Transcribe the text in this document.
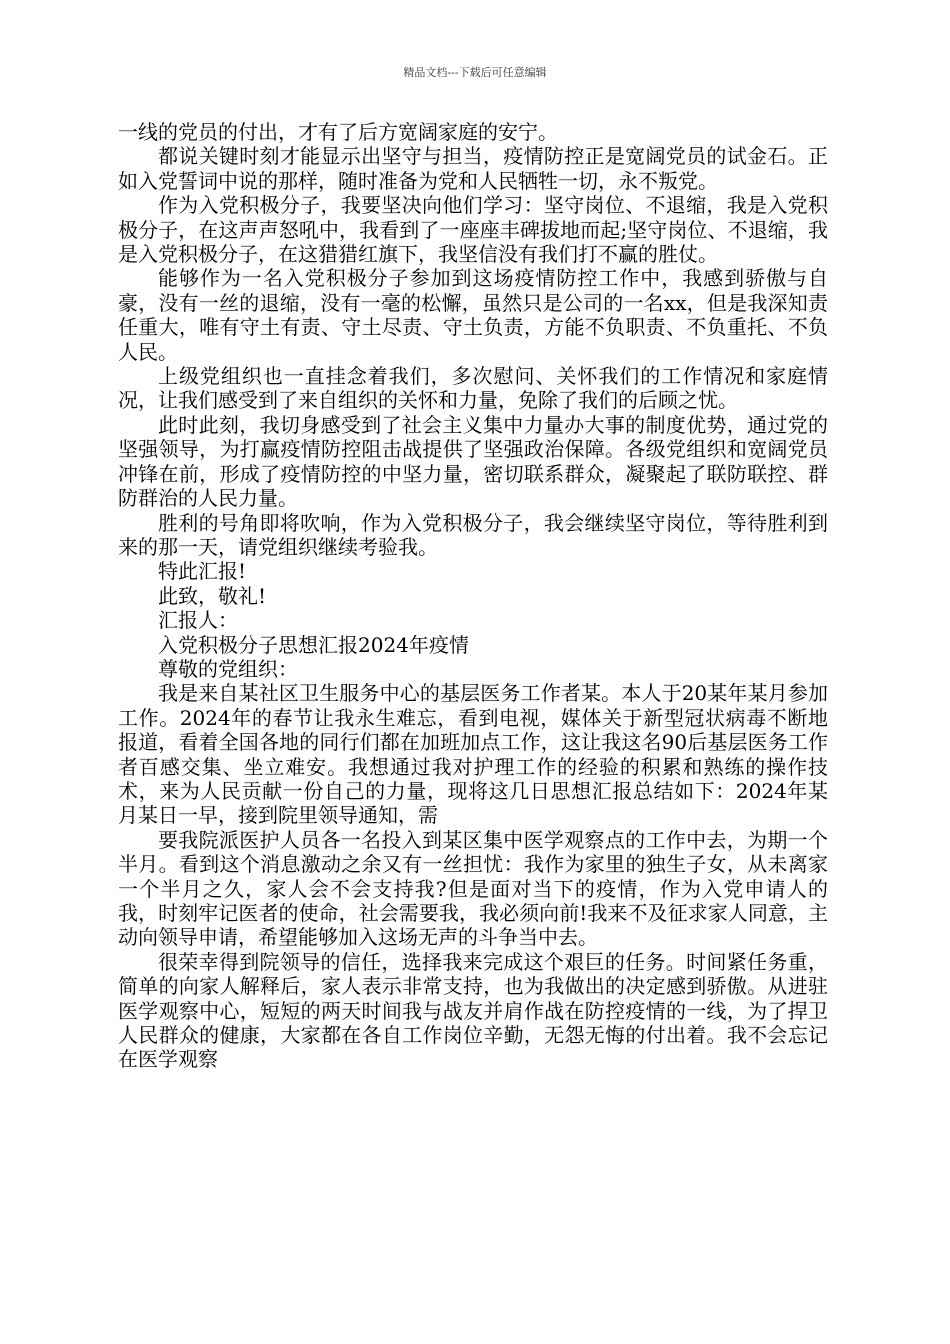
精品文档---下载后可任意编辑

一线的党员的付出，才有了后方宽阔家庭的安宁。

都说关键时刻才能显示出坚守与担当，疫情防控正是宽阔党员的试金石。正如入党誓词中说的那样，随时准备为党和人民牺牲一切，永不叛党。

作为入党积极分子，我要坚决向他们学习：坚守岗位、不退缩，我是入党积极分子，在这声声怒吼中，我看到了一座座丰碑拔地而起;坚守岗位、不退缩，我是入党积极分子，在这猎猎红旗下，我坚信没有我们打不赢的胜仗。

能够作为一名入党积极分子参加到这场疫情防控工作中，我感到骄傲与自豪，没有一丝的退缩，没有一毫的松懈，虽然只是公司的一名xx，但是我深知责任重大，唯有守土有责、守土尽责、守土负责，方能不负职责、不负重托、不负人民。

上级党组织也一直挂念着我们，多次慰问、关怀我们的工作情况和家庭情况，让我们感受到了来自组织的关怀和力量，免除了我们的后顾之忧。

此时此刻，我切身感受到了社会主义集中力量办大事的制度优势，通过党的坚强领导，为打赢疫情防控阻击战提供了坚强政治保障。各级党组织和宽阔党员冲锋在前，形成了疫情防控的中坚力量，密切联系群众，凝聚起了联防联控、群防群治的人民力量。

胜利的号角即将吹响，作为入党积极分子，我会继续坚守岗位，等待胜利到来的那一天，请党组织继续考验我。

特此汇报!

此致，敬礼!

汇报人：

入党积极分子思想汇报2024年疫情

尊敬的党组织：

我是来自某社区卫生服务中心的基层医务工作者某。本人于20某年某月参加工作。2024年的春节让我永生难忘，看到电视，媒体关于新型冠状病毒不断地报道，看着全国各地的同行们都在加班加点工作，这让我这名90后基层医务工作者百感交集、坐立难安。我想通过我对护理工作的经验的积累和熟练的操作技术，来为人民贡献一份自己的力量，现将这几日思想汇报总结如下：2024年某月某日一早，接到院里领导通知，需

要我院派医护人员各一名投入到某区集中医学观察点的工作中去，为期一个半月。看到这个消息激动之余又有一丝担忧：我作为家里的独生子女，从未离家一个半月之久，家人会不会支持我?但是面对当下的疫情，作为入党申请人的我，时刻牢记医者的使命，社会需要我，我必须向前!我来不及征求家人同意，主动向领导申请，希望能够加入这场无声的斗争当中去。

很荣幸得到院领导的信任，选择我来完成这个艰巨的任务。时间紧任务重，简单的向家人解释后，家人表示非常支持，也为我做出的决定感到骄傲。从进驻医学观察中心，短短的两天时间我与战友并肩作战在防控疫情的一线，为了捍卫人民群众的健康，大家都在各自工作岗位辛勤，无怨无悔的付出着。我不会忘记在医学观察
